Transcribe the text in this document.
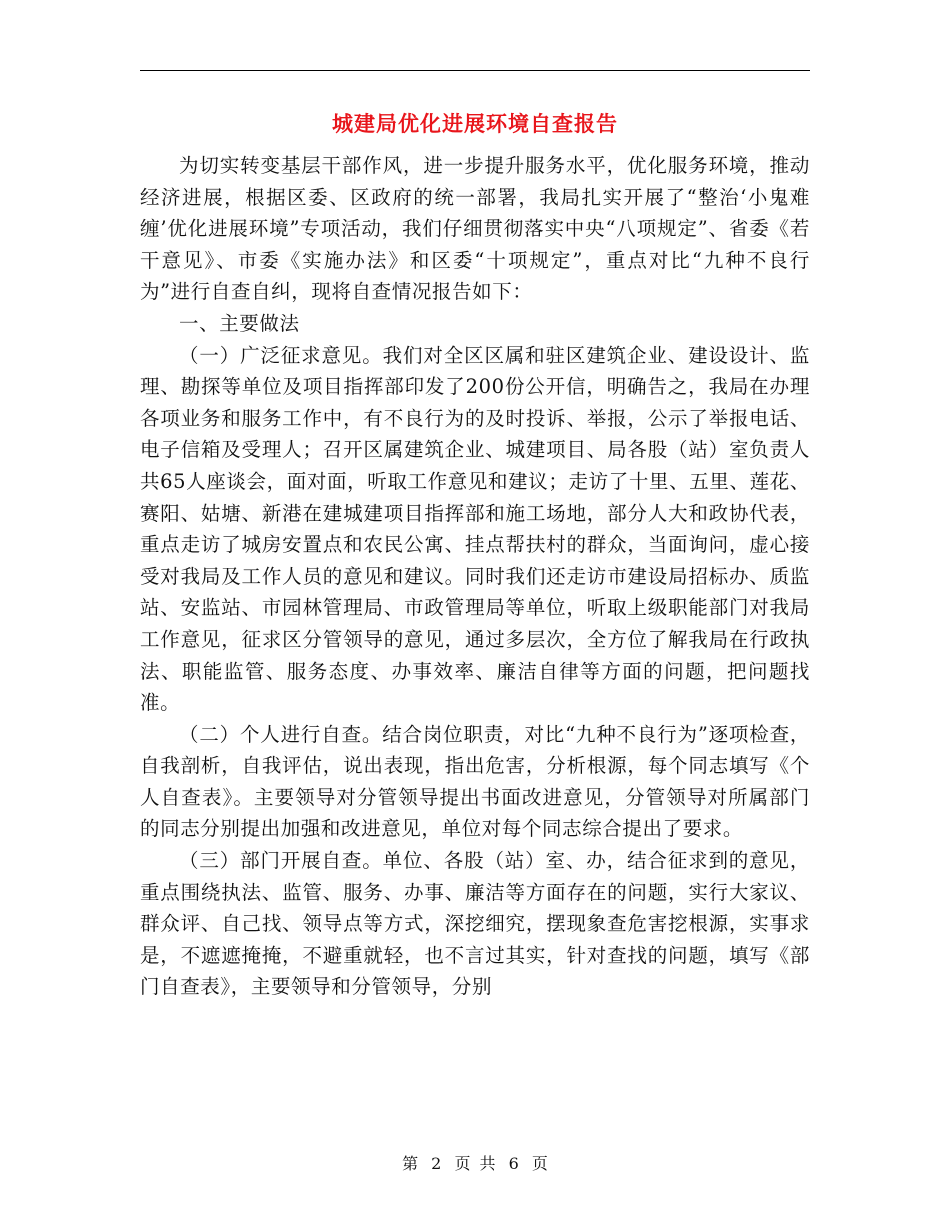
城建局优化进展环境自查报告

为切实转变基层干部作风，进一步提升服务水平，优化服务环境，推动经济进展，根据区委、区政府的统一部署，我局扎实开展了“整治‘小鬼难缠’优化进展环境”专项活动，我们仔细贯彻落实中央“八项规定”、省委《若干意见》、市委《实施办法》和区委“十项规定”，重点对比“九种不良行为”进行自查自纠，现将自查情况报告如下：

一、主要做法

（一）广泛征求意见。我们对全区区属和驻区建筑企业、建设设计、监理、勘探等单位及项目指挥部印发了200份公开信，明确告之，我局在办理各项业务和服务工作中，有不良行为的及时投诉、举报，公示了举报电话、电子信箱及受理人；召开区属建筑企业、城建项目、局各股（站）室负责人共65人座谈会，面对面，听取工作意见和建议；走访了十里、五里、莲花、赛阳、姑塘、新港在建城建项目指挥部和施工场地，部分人大和政协代表，重点走访了城房安置点和农民公寓、挂点帮扶村的群众，当面询问，虚心接受对我局及工作人员的意见和建议。同时我们还走访市建设局招标办、质监站、安监站、市园林管理局、市政管理局等单位，听取上级职能部门对我局工作意见，征求区分管领导的意见，通过多层次，全方位了解我局在行政执法、职能监管、服务态度、办事效率、廉洁自律等方面的问题，把问题找准。

（二）个人进行自查。结合岗位职责，对比“九种不良行为”逐项检查，自我剖析，自我评估，说出表现，指出危害，分析根源，每个同志填写《个人自查表》。主要领导对分管领导提出书面改进意见，分管领导对所属部门的同志分别提出加强和改进意见，单位对每个同志综合提出了要求。

（三）部门开展自查。单位、各股（站）室、办，结合征求到的意见，重点围绕执法、监管、服务、办事、廉洁等方面存在的问题，实行大家议、群众评、自己找、领导点等方式，深挖细究，摆现象查危害挖根源，实事求是，不遮遮掩掩，不避重就轻，也不言过其实，针对查找的问题，填写《部门自查表》，主要领导和分管领导，分别

第 2 页 共 6 页
